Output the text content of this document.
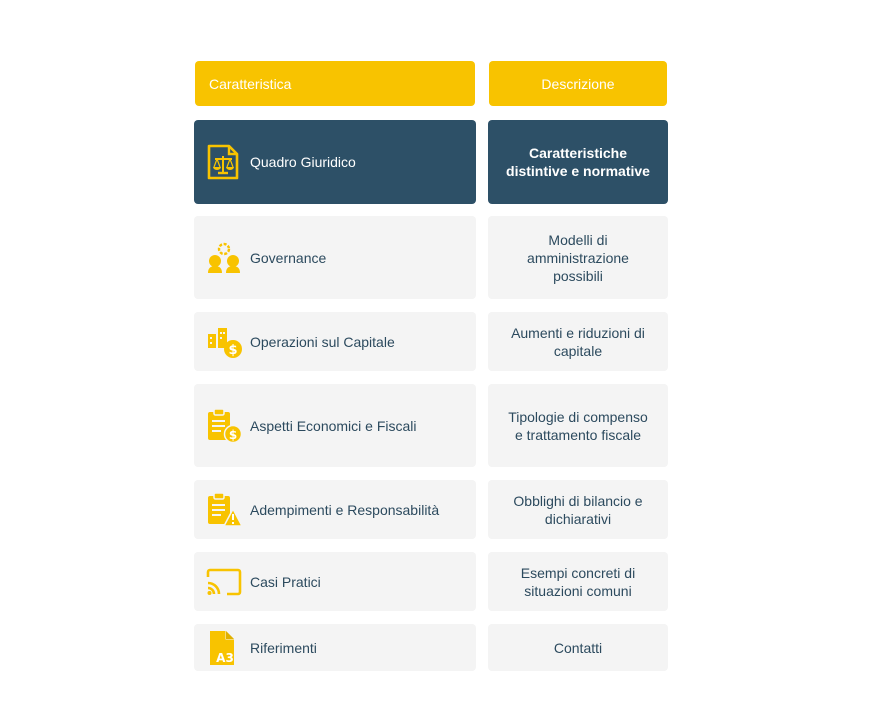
Caratteristica	Descrizione
Quadro Giuridico
Caratteristiche distintive e normative
Governance
Modelli di amministrazione possibili
$
Operazioni sul Capitale
Aumenti e riduzioni di capitale
$
Aspetti Economici e Fiscali
Tipologie di compenso e trattamento fiscale
Adempimenti e Responsabilità
Obblighi di bilancio e dichiarativi
Casi Pratici
Esempi concreti di situazioni comuni
A3
Riferimenti	Contatti
